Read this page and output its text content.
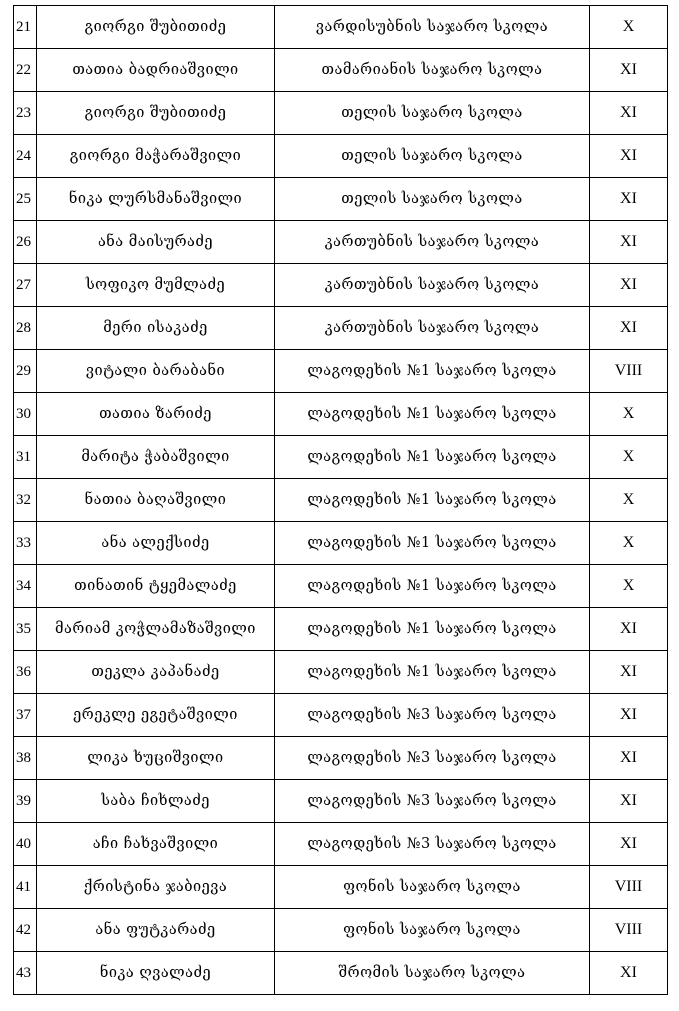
21	გიორგი შუბითიძე	ვარდისუბნის საჯარო სკოლა	X
22	თათია ბადრიაშვილი	თამარიანის საჯარო სკოლა	XI
23	გიორგი შუბითიძე	თელის საჯარო სკოლა	XI
24	გიორგი მაჭარაშვილი	თელის საჯარო სკოლა	XI
25	ნიკა ლურსმანაშვილი	თელის საჯარო სკოლა	XI
26	ანა მაისურაძე	კართუბნის საჯარო სკოლა	XI
27	სოფიკო მუმლაძე	კართუბნის საჯარო სკოლა	XI
28	მერი ისაკაძე	კართუბნის საჯარო სკოლა	XI
29	ვიტალი ბარაბანი	ლაგოდეხის №1 საჯარო სკოლა	VIII
30	თათია ზარიძე	ლაგოდეხის №1 საჯარო სკოლა	X
31	მარიტა ჭაბაშვილი	ლაგოდეხის №1 საჯარო სკოლა	X
32	ნათია ბაღაშვილი	ლაგოდეხის №1 საჯარო სკოლა	X
33	ანა ალექსიძე	ლაგოდეხის №1 საჯარო სკოლა	X
34	თინათინ ტყემალაძე	ლაგოდეხის №1 საჯარო სკოლა	X
35	მარიამ კოჭლამაზაშვილი	ლაგოდეხის №1 საჯარო სკოლა	XI
36	თეკლა კაპანაძე	ლაგოდეხის №1 საჯარო სკოლა	XI
37	ერეკლე ეგეტაშვილი	ლაგოდეხის №3 საჯარო სკოლა	XI
38	ლიკა ხუციშვილი	ლაგოდეხის №3 საჯარო სკოლა	XI
39	საბა ჩიხლაძე	ლაგოდეხის №3 საჯარო სკოლა	XI
40	აჩი ჩახვაშვილი	ლაგოდეხის №3 საჯარო სკოლა	XI
41	ქრისტინა ჯაბიევა	ფონის საჯარო სკოლა	VIII
42	ანა ფუტკარაძე	ფონის საჯარო სკოლა	VIII
43	ნიკა ღვალაძე	შრომის საჯარო სკოლა	XI
